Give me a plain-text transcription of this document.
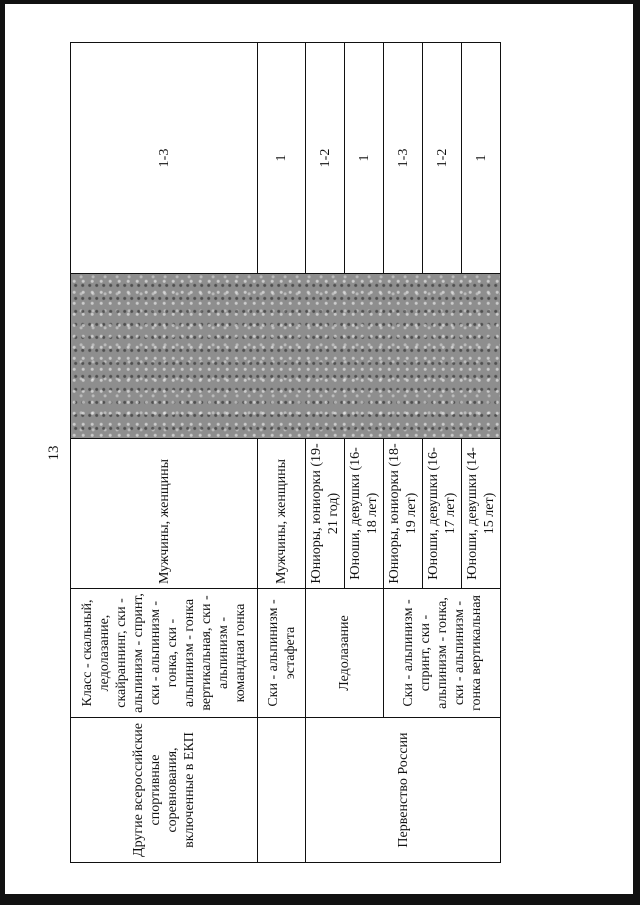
13
Другие всероссийские спортивные соревнования, включенные в ЕКП	Класс - скальный, ледолазание, скайраннинг, ски - альпинизм - спринт, ски - альпинизм - гонка, ски - альпинизм - гонка вертикальная, ски - альпинизм - командная гонка	Мужчины, женщины		1-3
	Ски - альпинизм - эстафета	Мужчины, женщины		1
Первенство России	Ледолазание	Юниоры, юниорки (19-21 год)		1-2
		Юноши, девушки (16-18 лет)		1
	Ски - альпинизм - спринт, ски - альпинизм - гонка, ски - альпинизм - гонка вертикальная	Юниоры, юниорки (18-19 лет)		1-3
		Юноши, девушки (16-17 лет)		1-2
		Юноши, девушки (14-15 лет)		1
